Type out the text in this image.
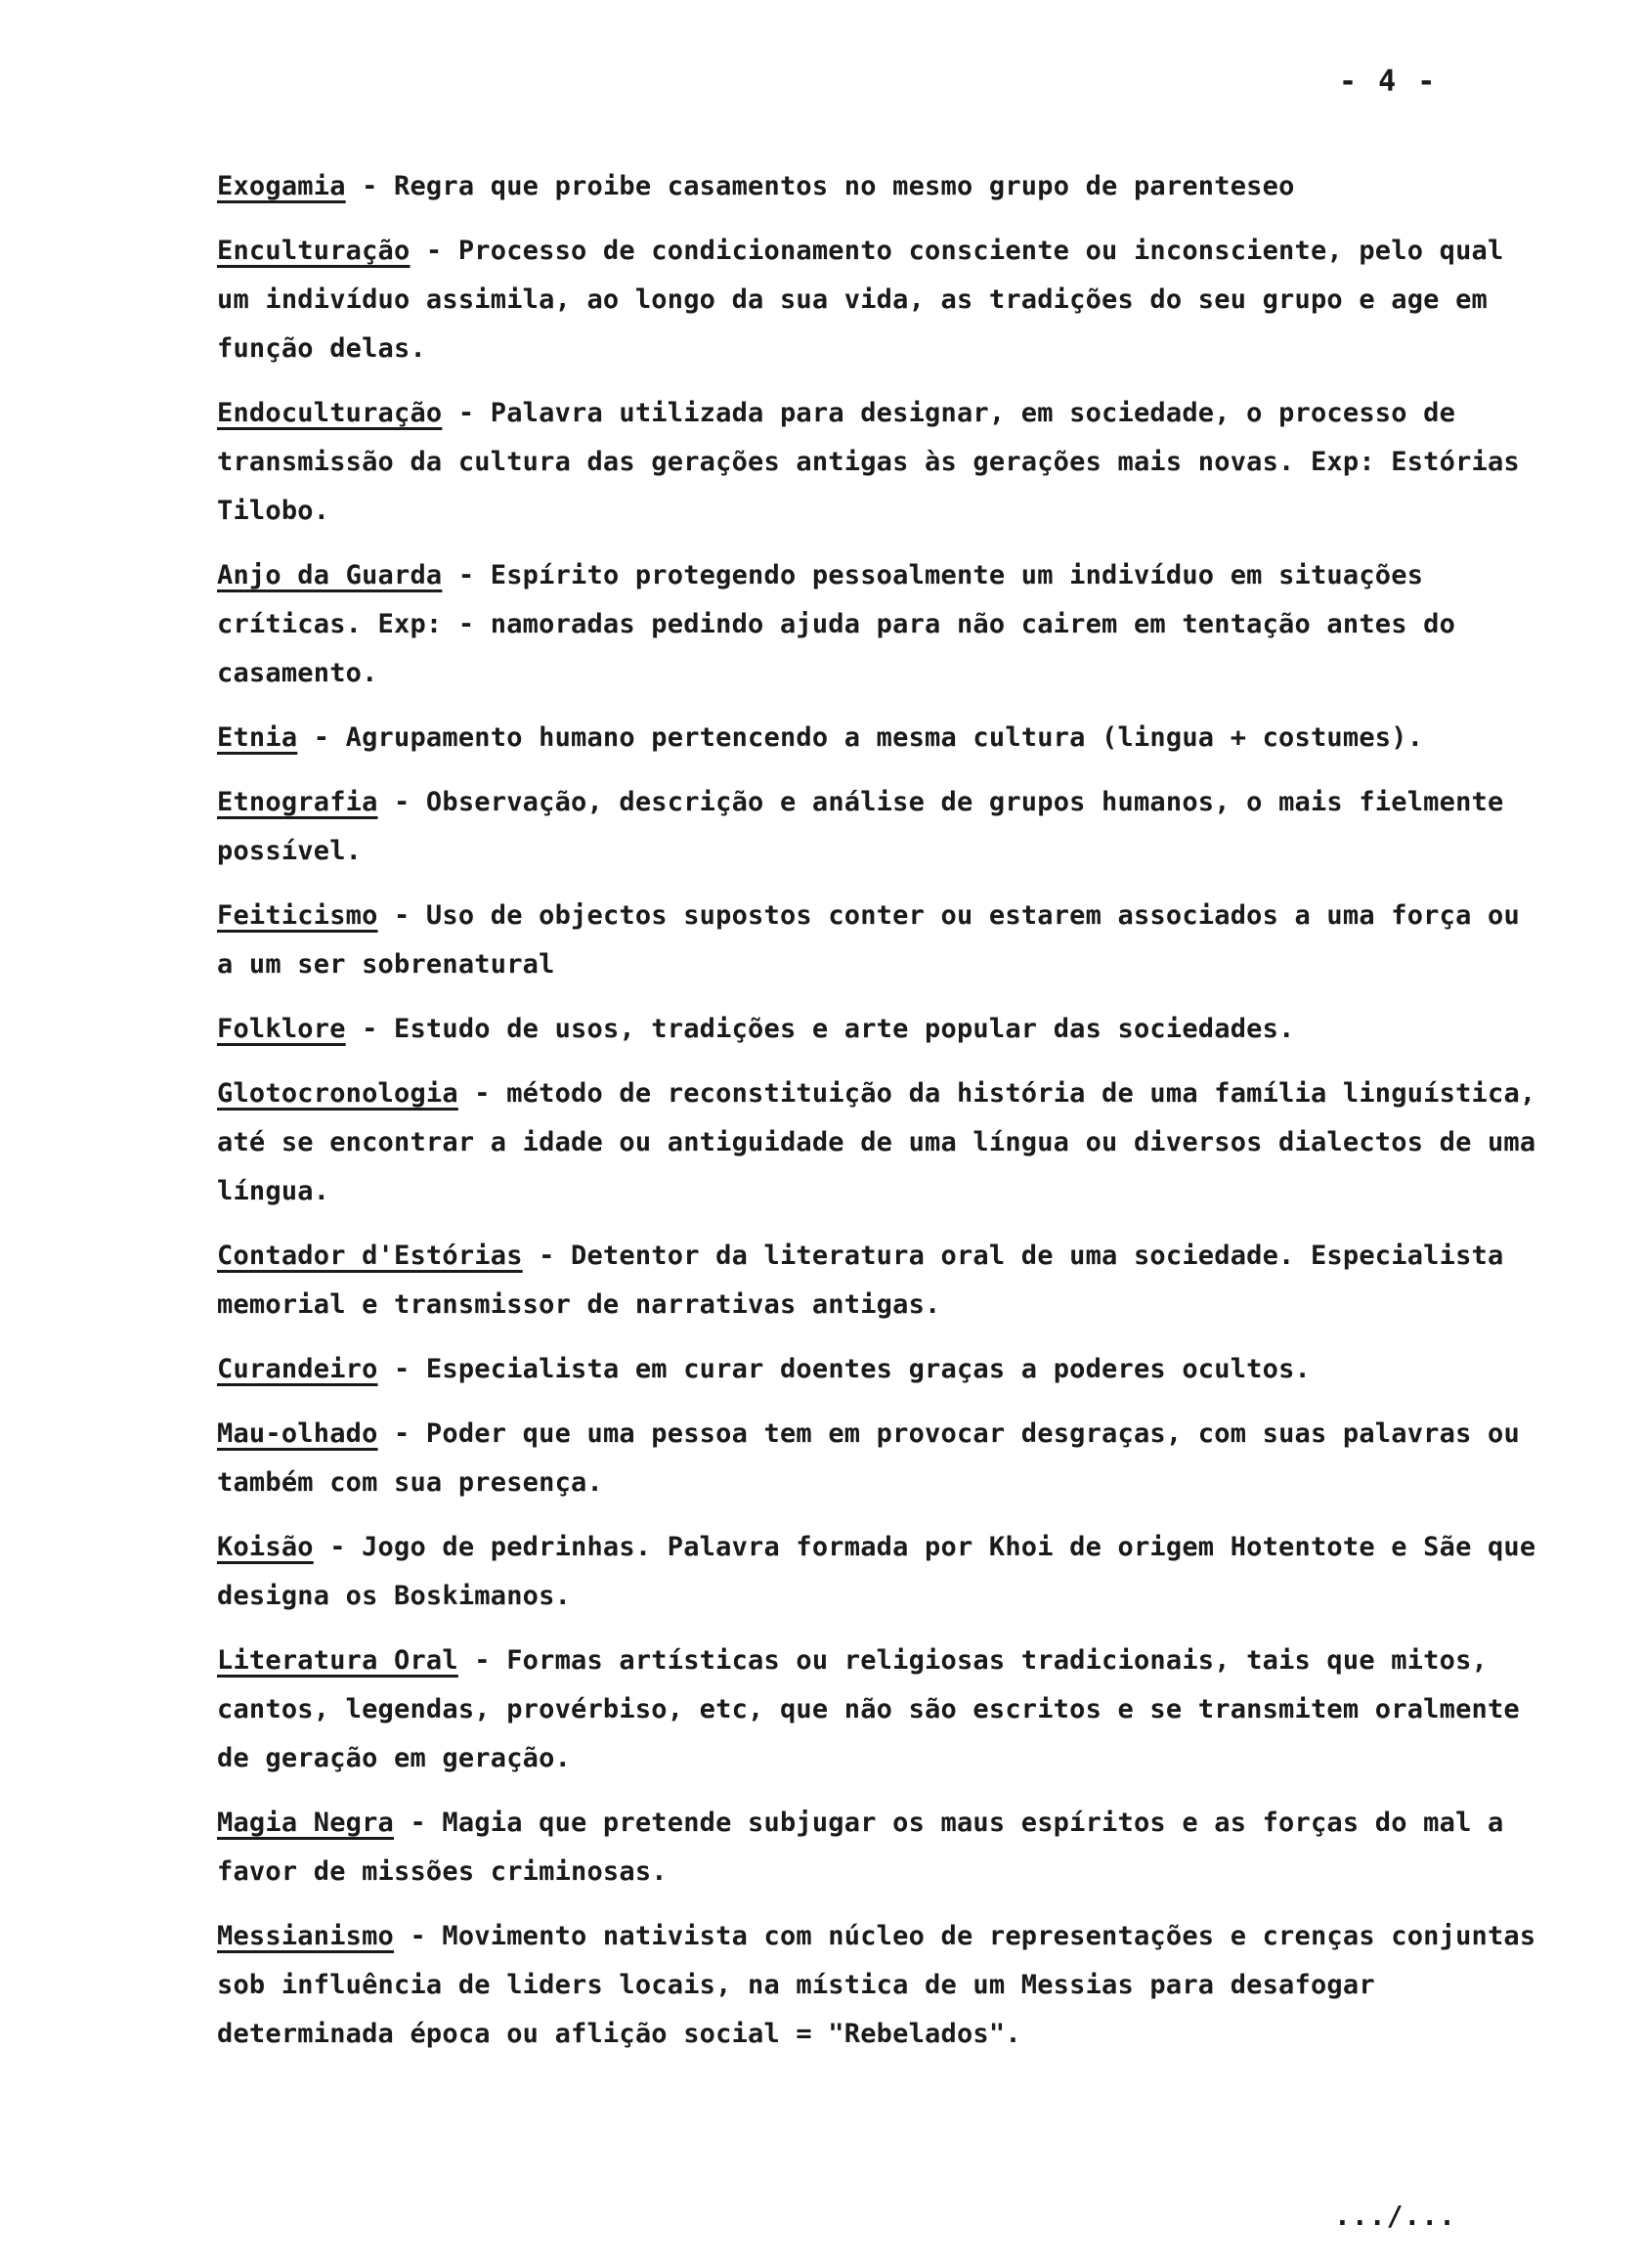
- 4 -

Exogamia - Regra que proibe casamentos no mesmo grupo de parenteseo

Enculturação - Processo de condicionamento consciente ou inconsciente, pelo qual um indivíduo assimila, ao longo da sua vida, as tradições do seu grupo e age em função delas.

Endoculturação - Palavra utilizada para designar, em sociedade, o processo de transmissão da cultura das gerações antigas às gerações mais novas. Exp: Estórias Tilobo.

Anjo da Guarda - Espírito protegendo pessoalmente um indivíduo em situações críticas. Exp: - namoradas pedindo ajuda para não cairem em tentação antes do casamento.

Etnia - Agrupamento humano pertencendo a mesma cultura (lingua + costumes).

Etnografia - Observação, descrição e análise de grupos humanos, o mais fielmente possível.

Feiticismo - Uso de objectos supostos conter ou estarem associados a uma força ou a um ser sobrenatural

Folklore - Estudo de usos, tradições e arte popular das sociedades.

Glotocronologia - método de reconstituição da história de uma família linguística, até se encontrar a idade ou antiguidade de uma língua ou diversos dialectos de uma língua.

Contador d'Estórias - Detentor da literatura oral de uma sociedade. Especialista memorial e transmissor de narrativas antigas.

Curandeiro - Especialista em curar doentes graças a poderes ocultos.

Mau-olhado - Poder que uma pessoa tem em provocar desgraças, com suas palavras ou também com sua presença.

Koisão - Jogo de pedrinhas. Palavra formada por Khoi de origem Hotentote e Sãe que designa os Boskimanos.

Literatura Oral - Formas artísticas ou religiosas tradicionais, tais que mitos, cantos, legendas, provérbiso, etc, que não são escritos e se transmitem oralmente de geração em geração.

Magia Negra - Magia que pretende subjugar os maus espíritos e as forças do mal a favor de missões criminosas.

Messianismo - Movimento nativista com núcleo de representações e crenças conjuntas sob influência de liders locais, na mística de um Messias para desafogar determinada época ou aflição social = "Rebelados".

.../...
